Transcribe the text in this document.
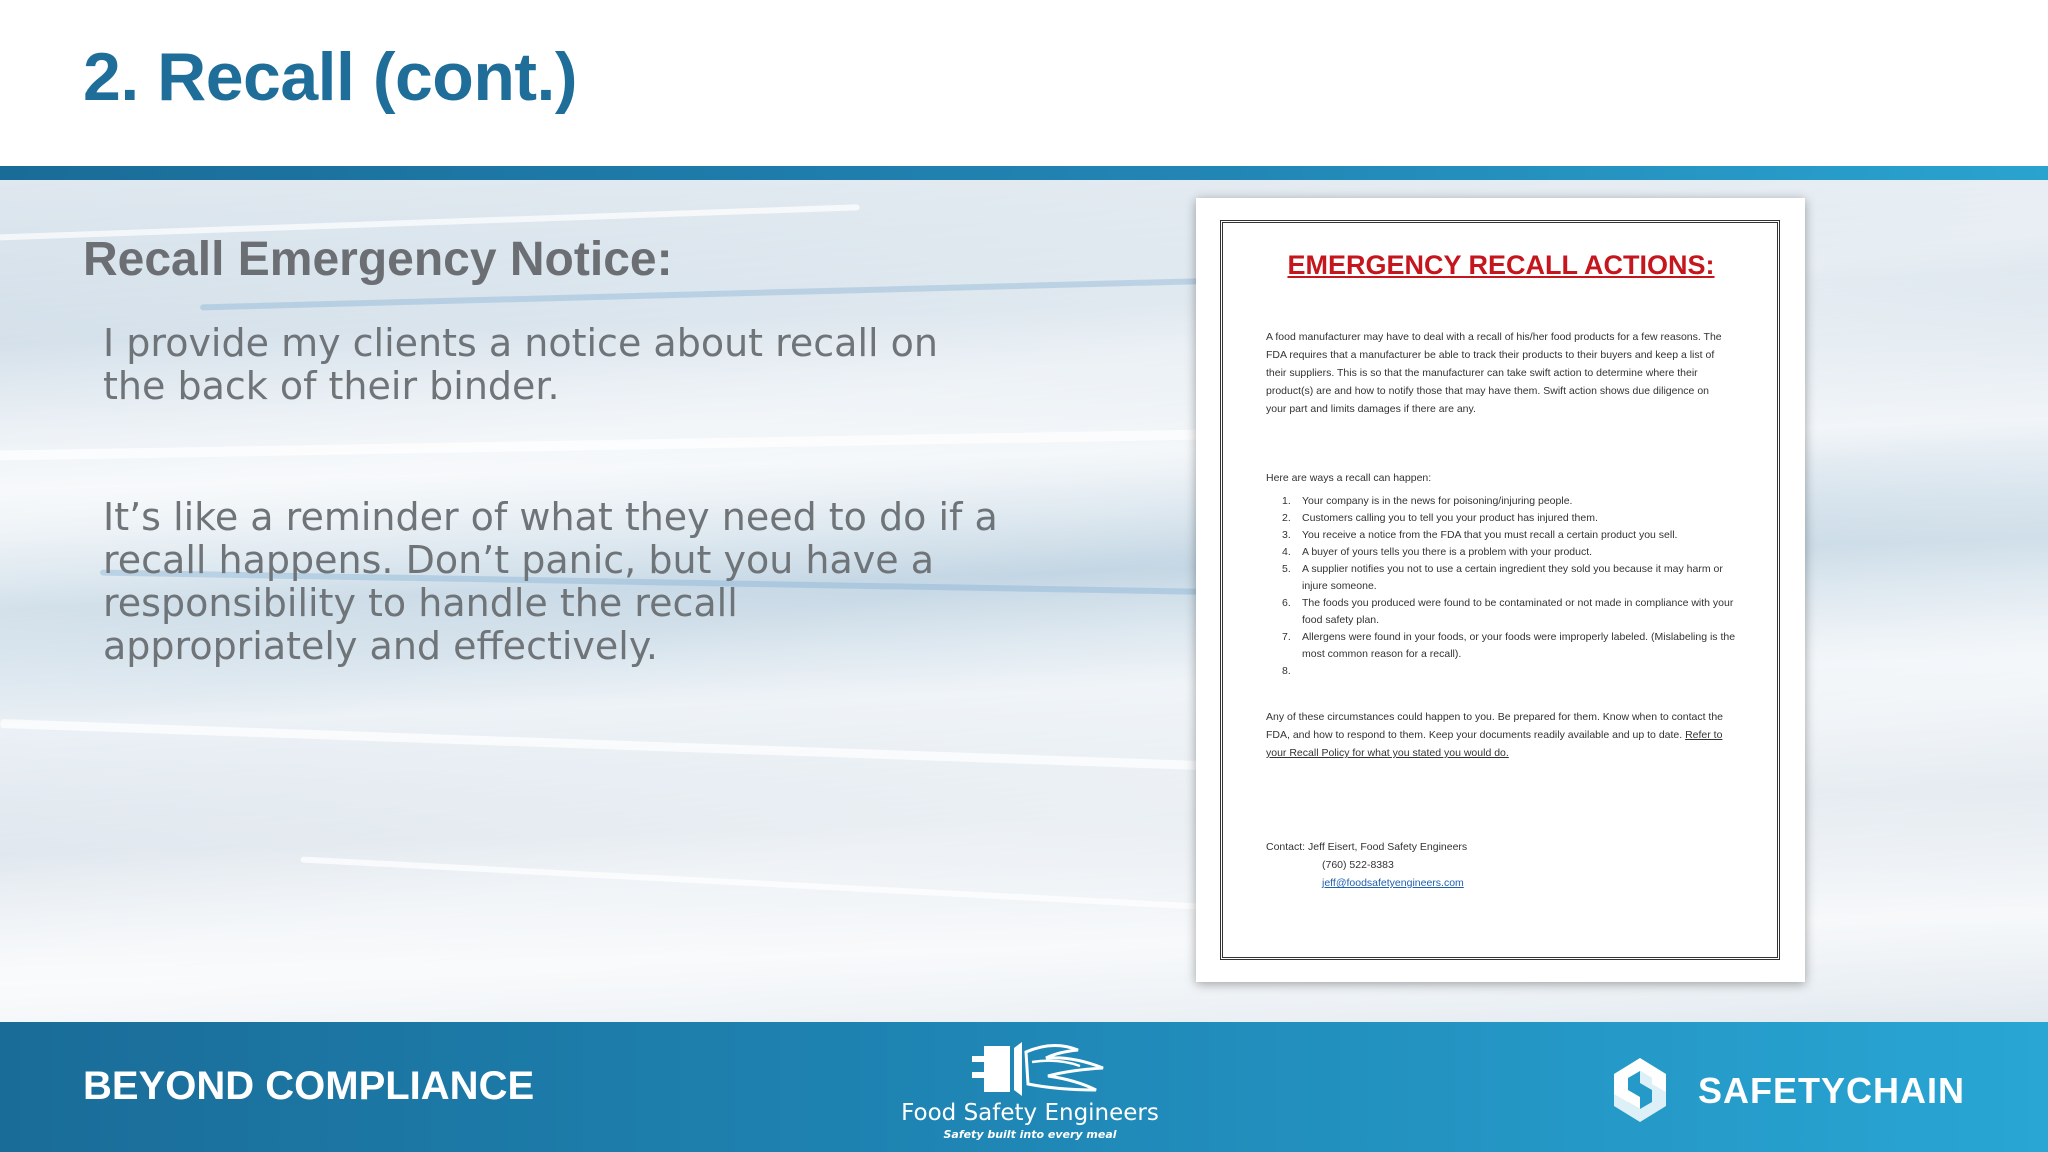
2. Recall (cont.)
Recall Emergency Notice:

I provide my clients a notice about recall on the back of their binder.

It’s like a reminder of what they need to do if a recall happens. Don’t panic, but you have a responsibility to handle the recall appropriately and effectively.

EMERGENCY RECALL ACTIONS:

A food manufacturer may have to deal with a recall of his/her food products for a few reasons. The FDA requires that a manufacturer be able to track their products to their buyers and keep a list of their suppliers. This is so that the manufacturer can take swift action to determine where their product(s) are and how to notify those that may have them. Swift action shows due diligence on your part and limits damages if there are any.

Here are ways a recall can happen:

1. Your company is in the news for poisoning/injuring people.
2. Customers calling you to tell you your product has injured them.
3. You receive a notice from the FDA that you must recall a certain product you sell.
4. A buyer of yours tells you there is a problem with your product.
5. A supplier notifies you not to use a certain ingredient they sold you because it may harm or injure someone.
6. The foods you produced were found to be contaminated or not made in compliance with your food safety plan.
7. Allergens were found in your foods, or your foods were improperly labeled. (Mislabeling is the most common reason for a recall).
8.

Any of these circumstances could happen to you. Be prepared for them. Know when to contact the FDA, and how to respond to them. Keep your documents readily available and up to date. Refer to your Recall Policy for what you stated you would do.

Contact: Jeff Eisert, Food Safety Engineers

(760) 522-8383

jeff@foodsafetyengineers.com

BEYOND COMPLIANCE

Food Safety Engineers
Safety built into every meal
SAFETYCHAIN
